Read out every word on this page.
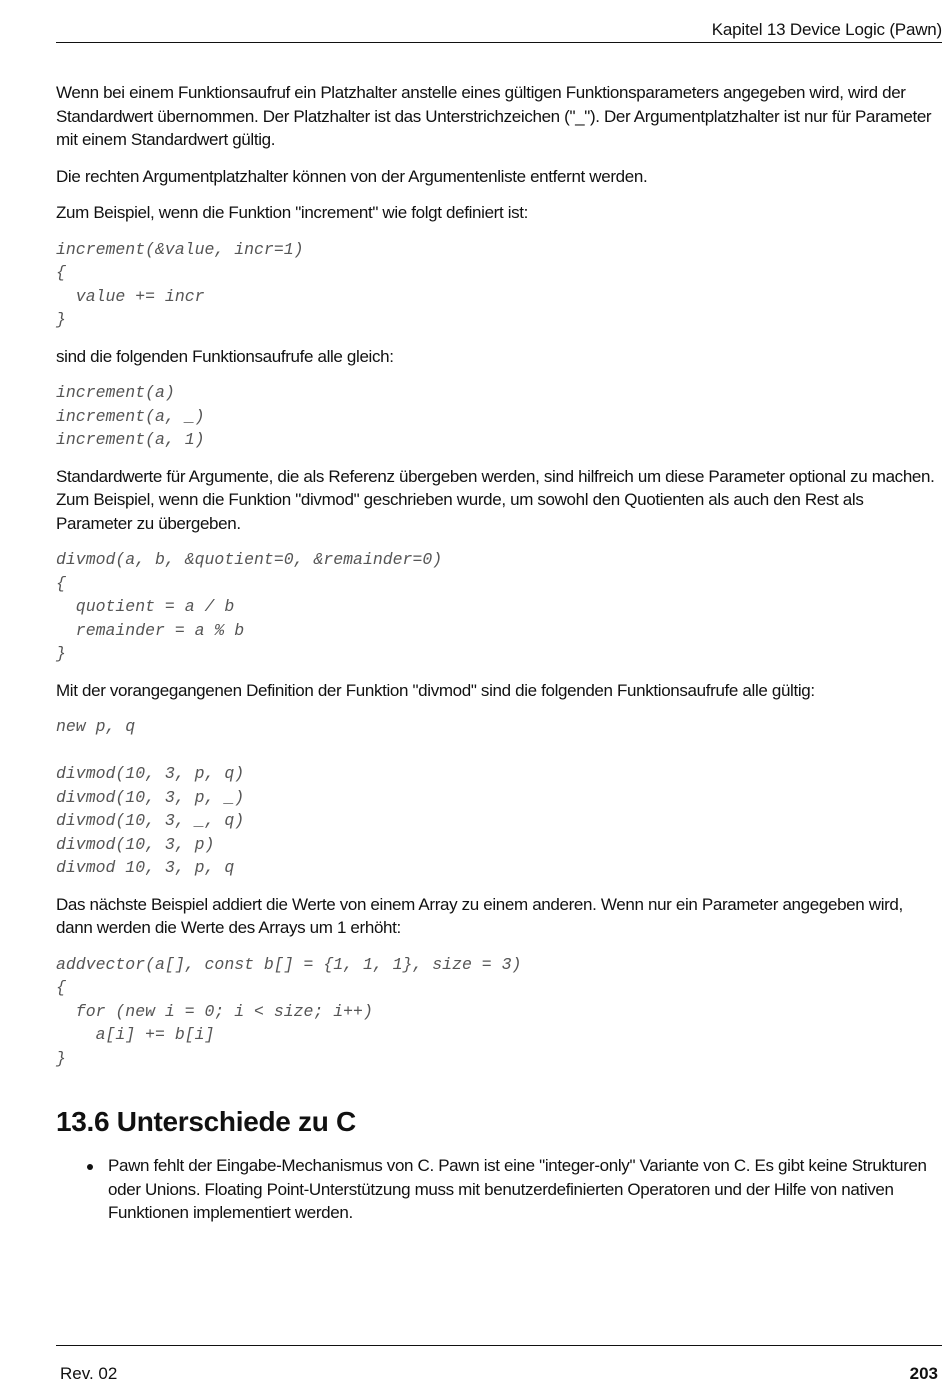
Kapitel 13 Device Logic (Pawn)

Wenn bei einem Funktionsaufruf ein Platzhalter anstelle eines gültigen Funktionsparameters angegeben wird, wird der Standardwert übernommen. Der Platzhalter ist das Unterstrichzeichen ("_"). Der Argumentplatzhalter ist nur für Parameter mit einem Standardwert gültig.

Die rechten Argumentplatzhalter können von der Argumentenliste entfernt werden.

Zum Beispiel, wenn die Funktion "increment" wie folgt definiert ist:

increment(&value, incr=1)
{
value += incr
}

sind die folgenden Funktionsaufrufe alle gleich:

increment(a)
increment(a, _)
increment(a, 1)

Standardwerte für Argumente, die als Referenz übergeben werden, sind hilfreich um diese Parameter optional zu machen. Zum Beispiel, wenn die Funktion "divmod" geschrieben wurde, um sowohl den Quotienten als auch den Rest als Parameter zu übergeben.

divmod(a, b, &quotient=0, &remainder=0)
{
quotient = a / b
remainder = a % b
}

Mit der vorangegangenen Definition der Funktion "divmod" sind die folgenden Funktionsaufrufe alle gültig:

new p, q

divmod(10, 3, p, q)
divmod(10, 3, p, _)
divmod(10, 3, _, q)
divmod(10, 3, p)
divmod 10, 3, p, q

Das nächste Beispiel addiert die Werte von einem Array zu einem anderen. Wenn nur ein Parameter angegeben wird, dann werden die Werte des Arrays um 1 erhöht:

addvector(a[], const b[] = {1, 1, 1}, size = 3)
{
for (new i = 0; i < size; i++)
a[i] += b[i]
}
13.6 Unterschiede zu C
Pawn fehlt der Eingabe-Mechanismus von C. Pawn ist eine "integer-only" Variante von C. Es gibt keine Strukturen oder Unions. Floating Point-Unterstützung muss mit benutzerdefinierten Operatoren und der Hilfe von nativen Funktionen implementiert werden.
Rev. 02	203
